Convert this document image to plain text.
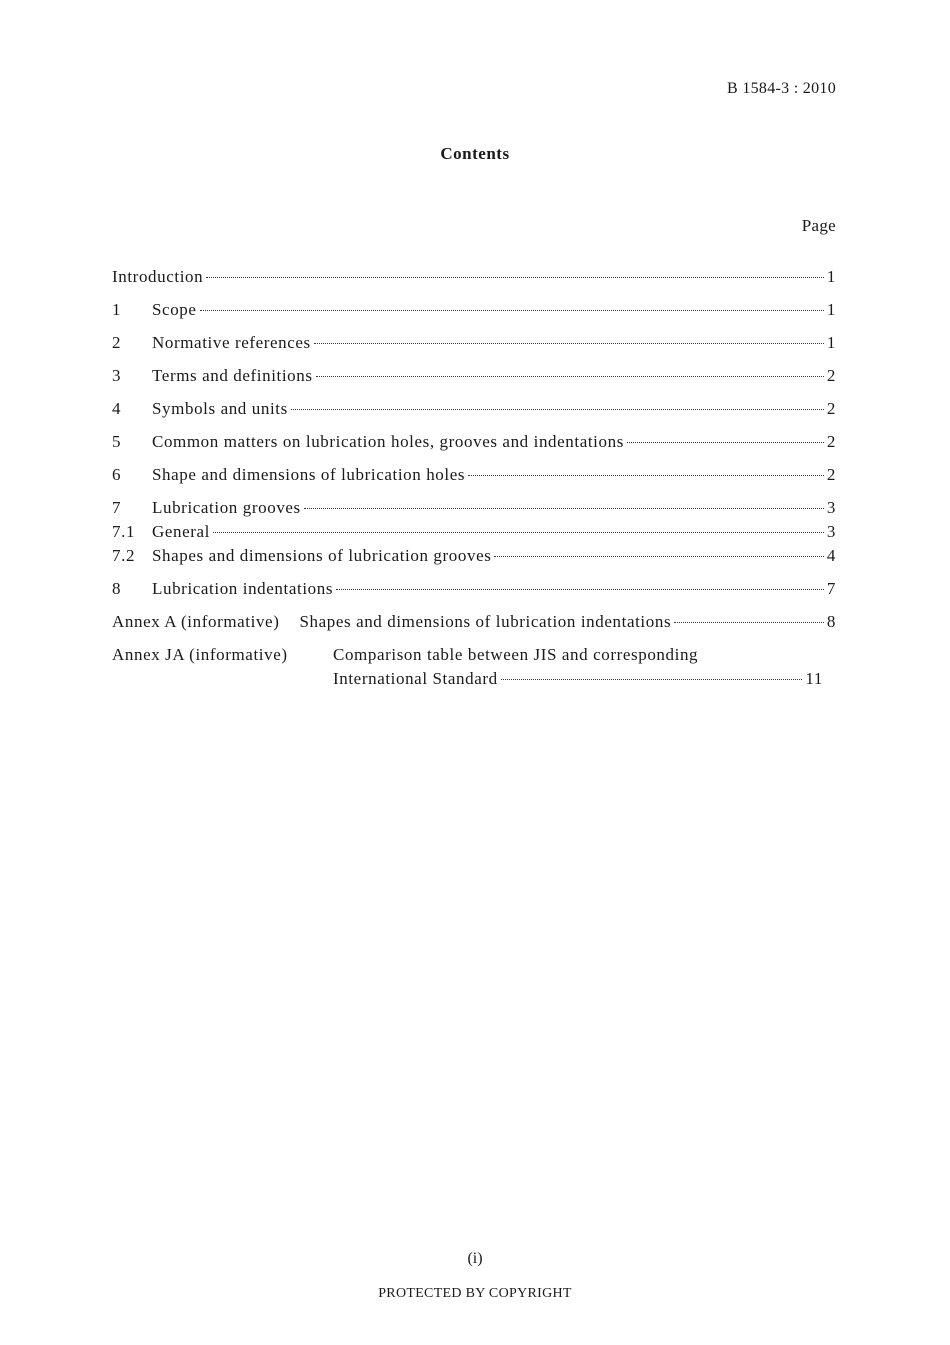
B 1584-3 : 2010
Contents
Page
Introduction	1
1	Scope	1
2	Normative references	1
3	Terms and definitions	2
4	Symbols and units	2
5	Common matters on lubrication holes, grooves and indentations	2
6	Shape and dimensions of lubrication holes	2
7	Lubrication grooves	3
7.1 General	3
7.2 Shapes and dimensions of lubrication grooves	4
8	Lubrication indentations	7
Annex A (informative) Shapes and dimensions of lubrication indentations	8
Annex JA (informative)	Comparison table between JIS and corresponding
International Standard	11
(i)
PROTECTED BY COPYRIGHT
